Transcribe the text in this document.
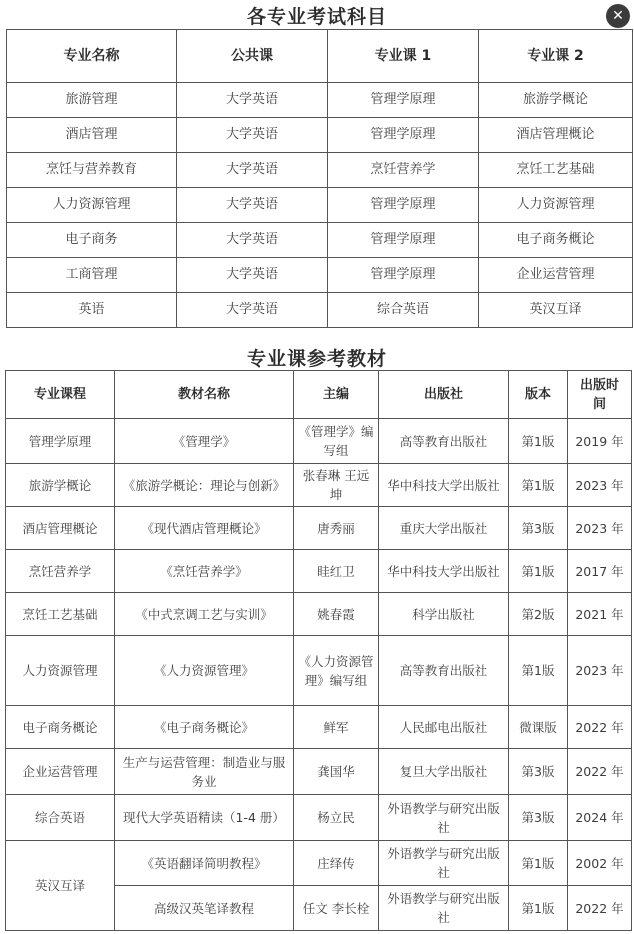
✕
各专业考试科目
专业名称	公共课	专业课 1	专业课 2
旅游管理	大学英语	管理学原理	旅游学概论
酒店管理	大学英语	管理学原理	酒店管理概论
烹饪与营养教育	大学英语	烹饪营养学	烹饪工艺基础
人力资源管理	大学英语	管理学原理	人力资源管理
电子商务	大学英语	管理学原理	电子商务概论
工商管理	大学英语	管理学原理	企业运营管理
英语	大学英语	综合英语	英汉互译
专业课参考教材
专业课程	教材名称	主编	出版社	版本	出版时间
管理学原理	《管理学》	《管理学》编写组	高等教育出版社	第1版	2019 年
旅游学概论	《旅游学概论：理论与创新》	张春琳 王远坤	华中科技大学出版社	第1版	2023 年
酒店管理概论	《现代酒店管理概论》	唐秀丽	重庆大学出版社	第3版	2023 年
烹饪营养学	《烹饪营养学》	眭红卫	华中科技大学出版社	第1版	2017 年
烹饪工艺基础	《中式烹调工艺与实训》	姚春霞	科学出版社	第2版	2021 年
人力资源管理	《人力资源管理》	《人力资源管理》编写组	高等教育出版社	第1版	2023 年
电子商务概论	《电子商务概论》	鲜军	人民邮电出版社	微课版	2022 年
企业运营管理	生产与运营管理：制造业与服务业	龚国华	复旦大学出版社	第3版	2022 年
综合英语	现代大学英语精读（1-4 册）	杨立民	外语教学与研究出版社	第3版	2024 年
英汉互译	《英语翻译简明教程》	庄绎传	外语教学与研究出版社	第1版	2002 年
	高级汉英笔译教程	任文 李长栓	外语教学与研究出版社	第1版	2022 年
